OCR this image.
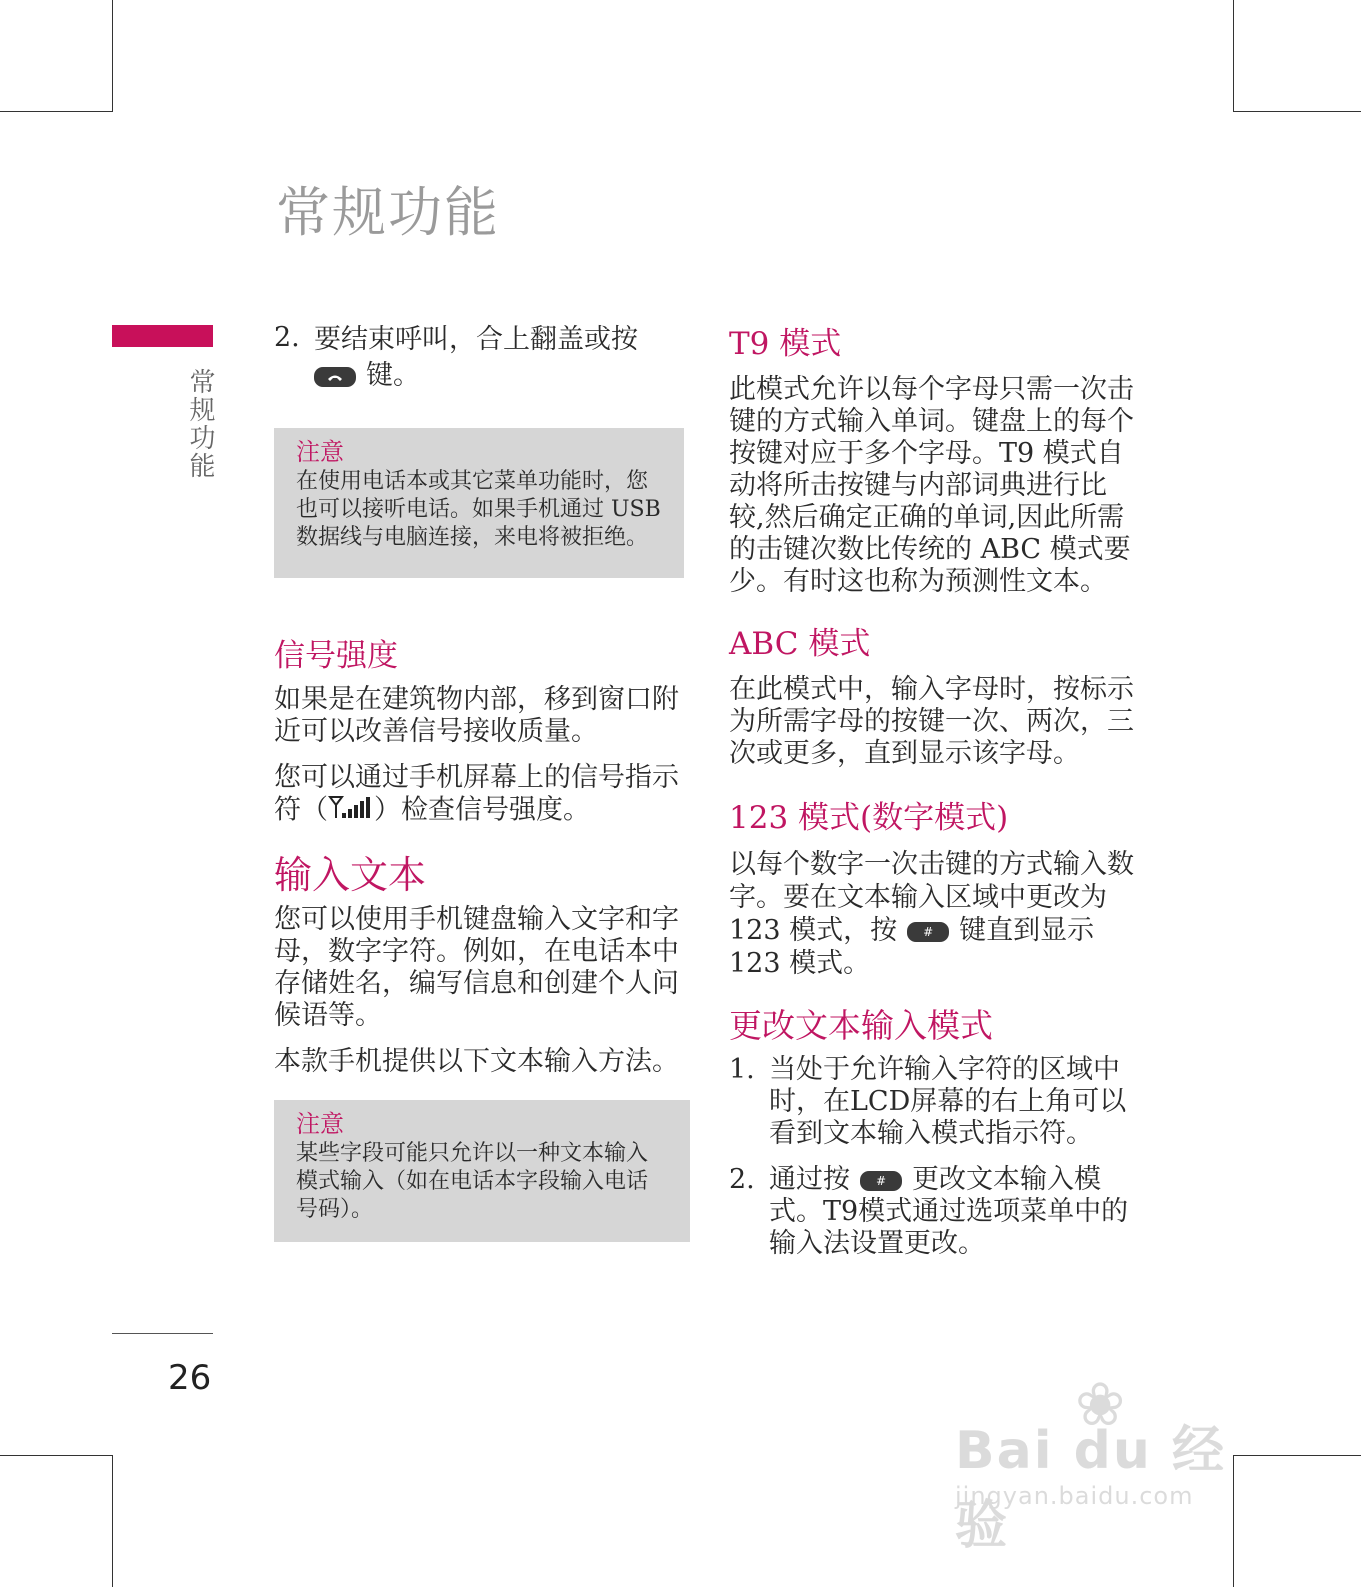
常规功能
常规功能
26
2. 要结束呼叫，合上翻盖或按
键。

注意
在使用电话本或其它菜单功能时，您也可以接听电话。如果手机通过 USB 数据线与电脑连接，来电将被拒绝。
信号强度

如果是在建筑物内部，移到窗口附近可以改善信号接收质量。

您可以通过手机屏幕上的信号指示符（ ）检查信号强度。

输入文本

您可以使用手机键盘输入文字和字母，数字字符。例如，在电话本中存储姓名，编写信息和创建个人问候语等。

本款手机提供以下文本输入方法。

注意
某些字段可能只允许以一种文本输入模式输入（如在电话本字段输入电话号码）。
T9 模式

此模式允许以每个字母只需一次击键的方式输入单词。键盘上的每个按键对应于多个字母。T9 模式自动将所击按键与内部词典进行比较,然后确定正确的单词,因此所需的击键次数比传统的 ABC 模式要少。有时这也称为预测性文本。

ABC 模式

在此模式中，输入字母时，按标示为所需字母的按键一次、两次，三次或更多，直到显示该字母。

123 模式(数字模式)

以每个数字一次击键的方式输入数字。要在文本输入区域中更改为 123 模式，按 # 键直到显示 123 模式。

更改文本输入模式
1. 当处于允许输入字符的区域中时，在LCD屏幕的右上角可以看到文本输入模式指示符。

2. 通过按 # 更改文本输入模式。T9模式通过选项菜单中的输入法设置更改。

❀
Bai du 经验
jingyan.baidu.com
